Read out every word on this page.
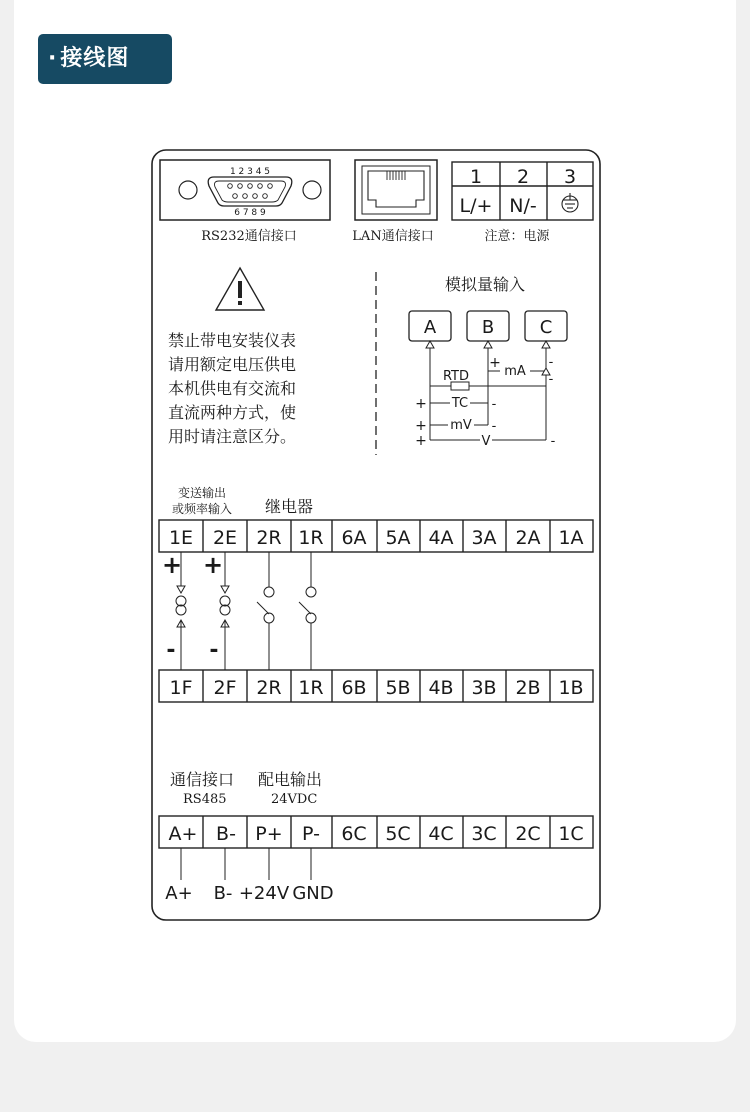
· 接线图
1 2 3 4 5
6 7 8 9
RS232通信接口	LAN通信接口
1 2 3
L/+ N/-
注意：电源
禁止带电安装仪表
请用额定电压供电
本机供电有交流和
直流两种方式，使
用时请注意区分。
模拟量输入
A	B	C
RTD	mA
TC
mV
V
+	-
-
+	-
+	-
+	-
变送输出
或频率输入 继电器
1E 2E 2R 1R 6A 5A 4A 3A 2A 1A
+ +
- -
1F 2F 2R 1R 6B 5B 4B 3B 2B 1B
通信接口
RS485
配电输出
24VDC
A+ B- P+ P- 6C 5C 4C 3C 2C 1C
A+ B- +24V GND
